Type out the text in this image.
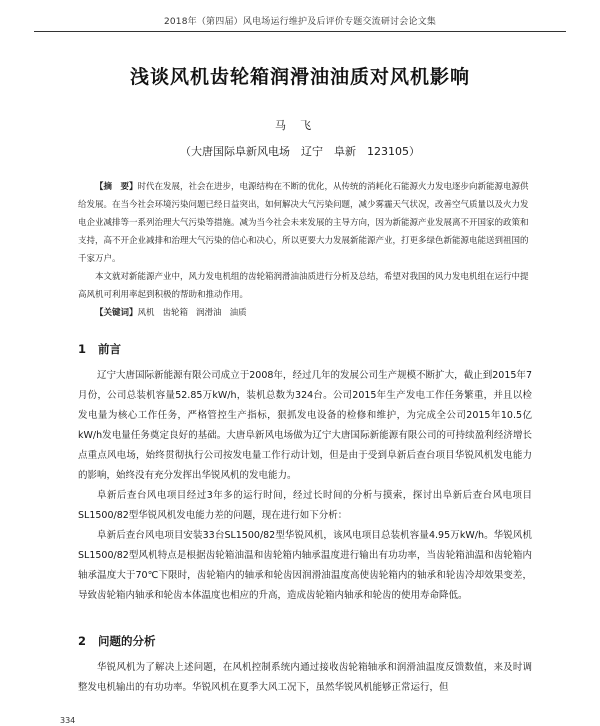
2018年（第四届）风电场运行维护及后评价专题交流研讨会论文集
浅谈风机齿轮箱润滑油油质对风机影响
马飞
（大唐国际阜新风电场　辽宁　阜新　123105）

【摘　要】时代在发展，社会在进步，电源结构在不断的优化，从传统的消耗化石能源火力发电逐步向新能源电源供给发展。在当今社会环境污染问题已经日益突出，如何解决大气污染问题，减少雾霾天气状况，改善空气质量以及火力发电企业减排等一系列治理大气污染等措施。减为当今社会未来发展的主导方向，因为新能源产业发展离不开国家的政策和支持，高不开企业减排和治理大气污染的信心和决心，所以更要大力发展新能源产业，打更多绿色新能源电能送到祖国的千家万户。

本文就对新能源产业中，风力发电机组的齿轮箱润滑油油质进行分析及总结，希望对我国的风力发电机组在运行中提高风机可利用率起到积极的帮助和推动作用。

【关键词】风机 齿轮箱 润滑油 油质

1 前言

辽宁大唐国际新能源有限公司成立于2008年，经过几年的发展公司生产规模不断扩大，截止到2015年7月份，公司总装机容量52.85万kW/h，装机总数为324台。公司2015年生产发电工作任务繁重，并且以检发电量为核心工作任务，严格管控生产指标，狠抓发电设备的检修和维护，为完成全公司2015年10.5亿kW/h发电量任务奠定良好的基础。大唐阜新风电场做为辽宁大唐国际新能源有限公司的可持续盈利经济增长点重点风电场，始终贯彻执行公司按发电量工作行动计划，但是由于受到阜新后查台项目华锐风机发电能力的影响，始终没有充分发挥出华锐风机的发电能力。

阜新后查台风电项目经过3年多的运行时间，经过长时间的分析与摸索，探讨出阜新后查台风电项目SL1500/82型华锐风机发电能力差的问题，现在进行如下分析：

阜新后查台风电项目安装33台SL1500/82型华锐风机，该风电项目总装机容量4.95万kW/h。华锐风机SL1500/82型风机特点是根据齿轮箱油温和齿轮箱内轴承温度进行输出有功功率，当齿轮箱油温和齿轮箱内轴承温度大于70℃下限时，齿轮箱内的轴承和轮齿因润滑油温度高使齿轮箱内的轴承和轮齿冷却效果变差，导致齿轮箱内轴承和轮齿本体温度也相应的升高，造成齿轮箱内轴承和轮齿的使用寿命降低。

2 问题的分析

华锐风机为了解决上述问题，在风机控制系统内通过接收齿轮箱轴承和润滑油温度反馈数值，来及时调整发电机输出的有功功率。华锐风机在夏季大风工况下，虽然华锐风机能够正常运行，但

334
